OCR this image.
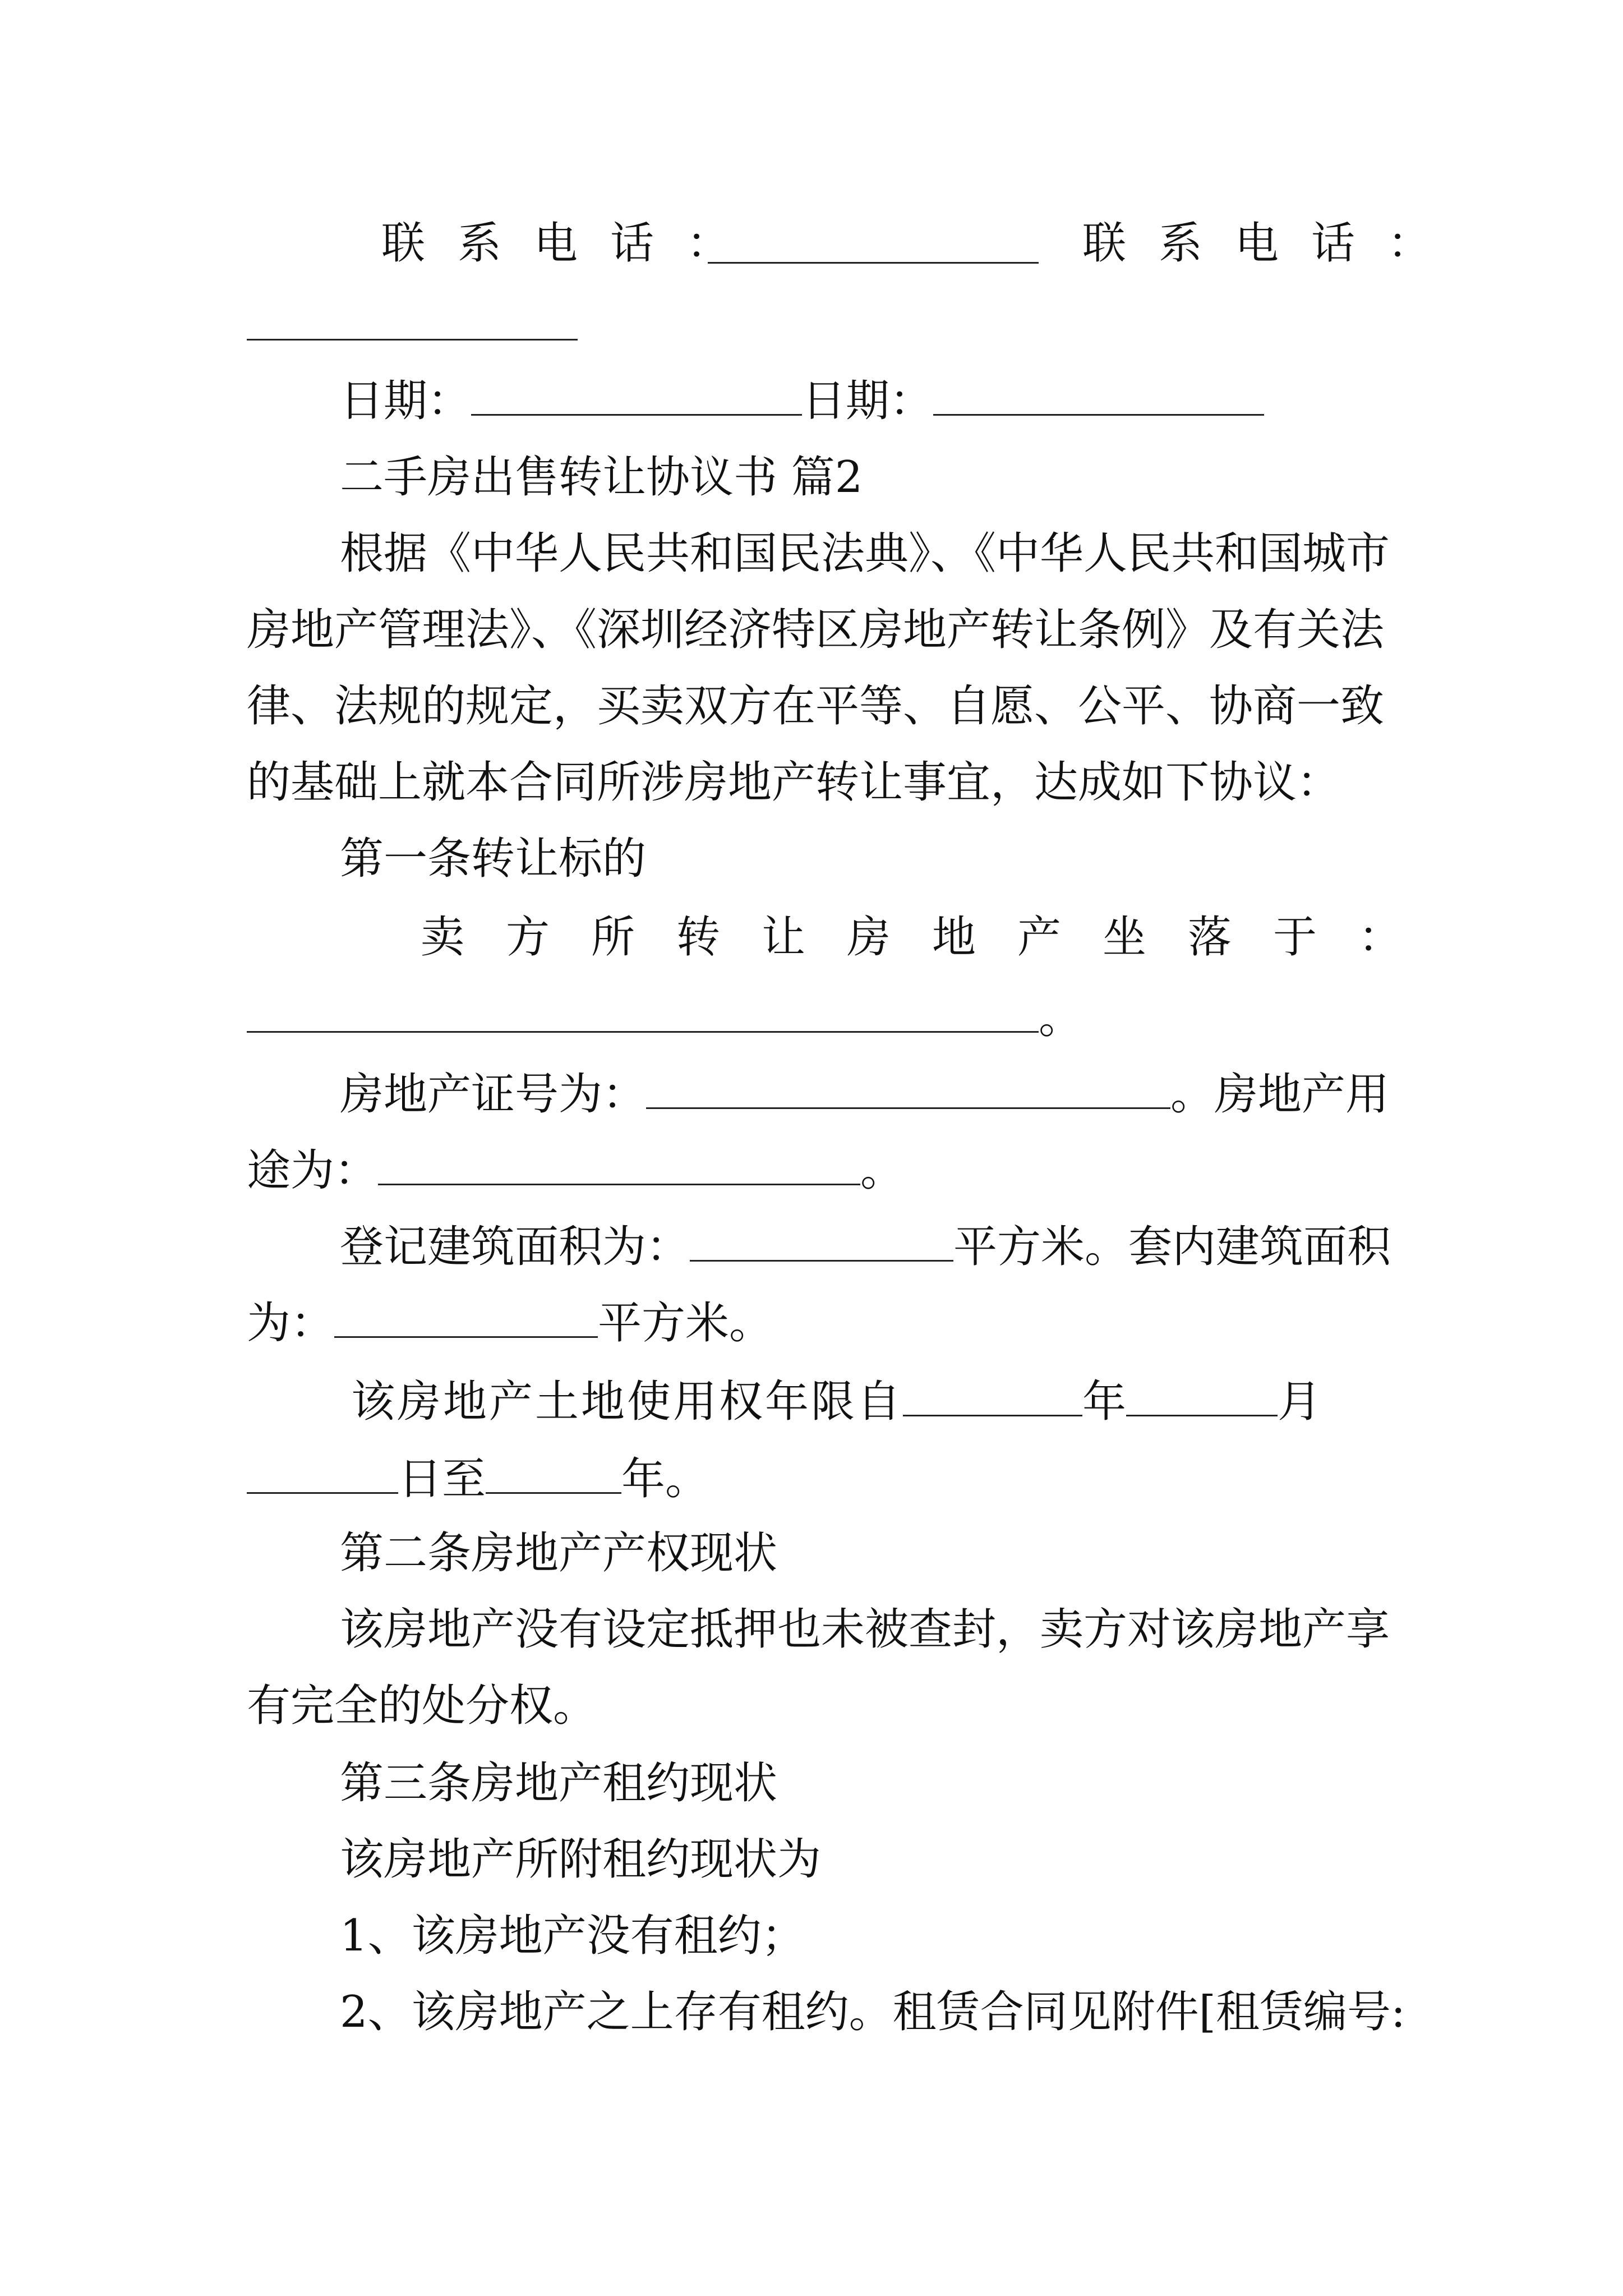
联系电话：	联系电话：
日期：	日期：
二手房出售转让协议书 篇2
根据《中华人民共和国民法典》、《中华人民共和国城市
房地产管理法》、《深圳经济特区房地产转让条例》及有关法
律、法规的规定，买卖双方在平等、自愿、公平、协商一致
的基础上就本合同所涉房地产转让事宜，达成如下协议：
第一条转让标的
卖方所转让房地产坐落于：
。
房地产证号为：	。房地产用
途为：	。
登记建筑面积为：	平方米。套内建筑面积
为：	平方米。
该房地产土地使用权年限自	年	月
日至	年。
第二条房地产产权现状
该房地产没有设定抵押也未被查封，卖方对该房地产享
有完全的处分权。
第三条房地产租约现状
该房地产所附租约现状为
1、该房地产没有租约；
2、该房地产之上存有租约。租赁合同见附件[租赁编号:
